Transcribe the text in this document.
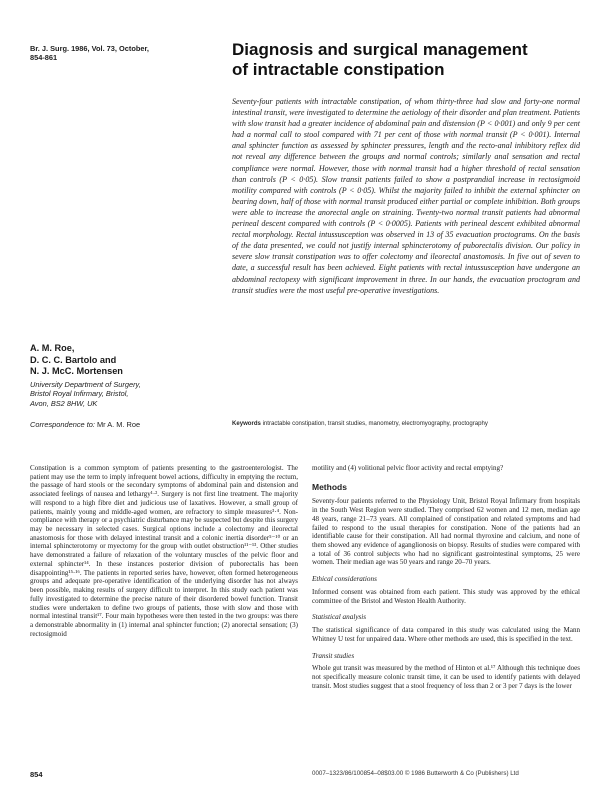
Br. J. Surg. 1986, Vol. 73, October,
854-861	Diagnosis and surgical management
of intractable constipation

Seventy-four patients with intractable constipation, of whom thirty-three had slow and forty-one normal intestinal transit, were investigated to determine the aetiology of their disorder and plan treatment. Patients with slow transit had a greater incidence of abdominal pain and distension (P < 0·001) and only 9 per cent had a normal call to stool compared with 71 per cent of those with normal transit (P < 0·001). Internal anal sphincter function as assessed by sphincter pressures, length and the recto-anal inhibitory reflex did not reveal any difference between the groups and normal controls; similarly anal sensation and rectal compliance were normal. However, those with normal transit had a higher threshold of rectal sensation than controls (P < 0·05). Slow transit patients failed to show a postprandial increase in rectosigmoid motility compared with controls (P < 0·05). Whilst the majority failed to inhibit the external sphincter on bearing down, half of those with normal transit produced either partial or complete inhibition. Both groups were able to increase the anorectal angle on straining. Twenty-two normal transit patients had abnormal perineal descent compared with controls (P < 0·0005). Patients with perineal descent exhibited abnormal rectal morphology. Rectal intussusception was observed in 13 of 35 evacuation proctograms. On the basis of the data presented, we could not justify internal sphincterotomy of puborectalis division. Our policy in severe slow transit constipation was to offer colectomy and ileorectal anastomosis. In five out of seven to date, a successful result has been achieved. Eight patients with rectal intussusception have undergone an abdominal rectopexy with significant improvement in three. In our hands, the evacuation proctogram and transit studies were the most useful pre-operative investigations.

Keywords intractable constipation, transit studies, manometry, electromyography, proctography
A. M. Roe,
D. C. C. Bartolo and
N. J. McC. Mortensen
University Department of Surgery,
Bristol Royal Infirmary, Bristol,
Avon, BS2 8HW, UK
Correspondence to: Mr A. M. Roe

Constipation is a common symptom of patients presenting to the gastroenterologist. The patient may use the term to imply infrequent bowel actions, difficulty in emptying the rectum, the passage of hard stools or the secondary symptoms of abdominal pain and distension and associated feelings of nausea and lethargy¹·². Surgery is not first line treatment. The majority will respond to a high fibre diet and judicious use of laxatives. However, a small group of patients, mainly young and middle-aged women, are refractory to simple measures³·⁴. Non-compliance with therapy or a psychiatric disturbance may be suspected but despite this surgery may be necessary in selected cases. Surgical options include a colectomy and ileorectal anastomosis for those with delayed intestinal transit and a colonic inertia disorder⁵⁻¹⁰ or an internal sphincterotomy or myectomy for the group with outlet obstruction¹¹⁻¹³. Other studies have demonstrated a failure of relaxation of the voluntary muscles of the pelvic floor and external sphincter¹⁴. In these instances posterior division of puborectalis has been disappointing¹⁵·¹⁶. The patients in reported series have, however, often formed heterogeneous groups and adequate pre-operative identification of the underlying disorder has not always been possible, making results of surgery difficult to interpret. In this study each patient was fully investigated to determine the precise nature of their disordered bowel function. Transit studies were undertaken to define two groups of patients, those with slow and those with normal intestinal transit¹⁷. Four main hypotheses were then tested in the two groups: was there a demonstrable abnormality in (1) internal anal sphincter function; (2) anorectal sensation; (3) rectosigmoid

motility and (4) volitional pelvic floor activity and rectal emptying?

Methods

Seventy-four patients referred to the Physiology Unit, Bristol Royal Infirmary from hospitals in the South West Region were studied. They comprised 62 women and 12 men, median age 48 years, range 21–73 years. All complained of constipation and related symptoms and had failed to respond to the usual therapies for constipation. None of the patients had an identifiable cause for their constipation. All had normal thyroxine and calcium, and none of them showed any evidence of aganglionosis on biopsy. Results of studies were compared with a total of 36 control subjects who had no significant gastrointestinal symptoms, 25 were women. Their median age was 50 years and range 20–70 years.

Ethical considerations

Informed consent was obtained from each patient. This study was approved by the ethical committee of the Bristol and Weston Health Authority.

Statistical analysis

The statistical significance of data compared in this study was calculated using the Mann Whitney U test for unpaired data. Where other methods are used, this is specified in the text.

Transit studies

Whole gut transit was measured by the method of Hinton et al.¹⁷ Although this technique does not specifically measure colonic transit time, it can be used to identify patients with delayed transit. Most studies suggest that a stool frequency of less than 2 or 3 per 7 days is the lower

854	0007–1323/86/100854–08$03.00 © 1986 Butterworth & Co (Publishers) Ltd
